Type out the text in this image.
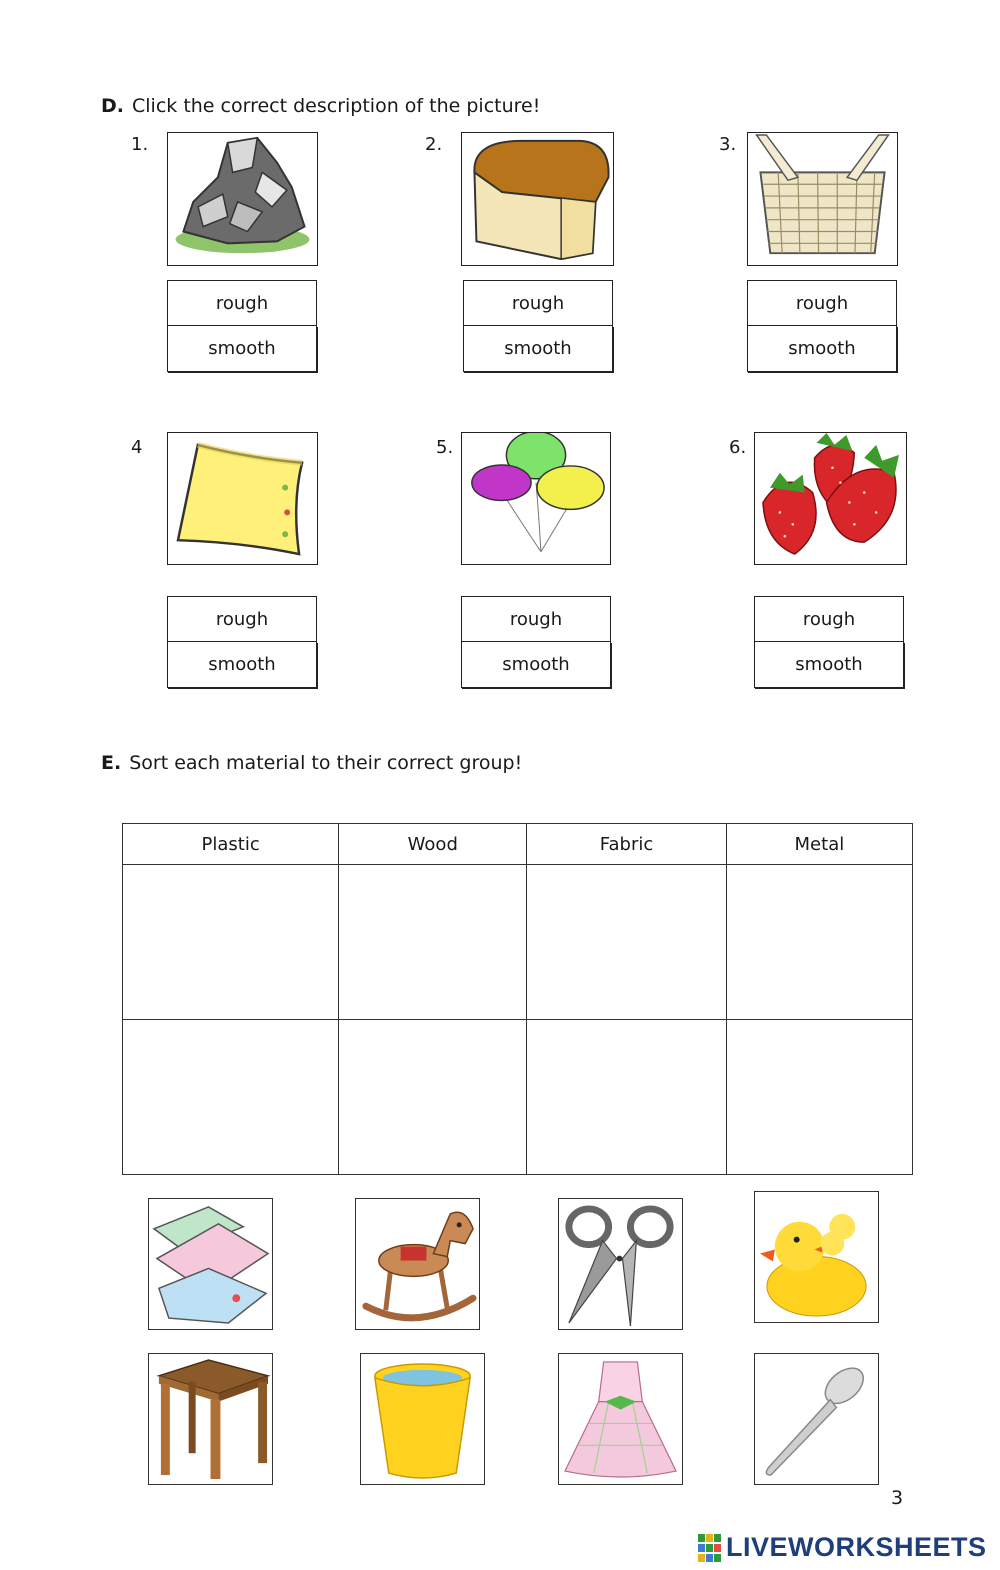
D. Click the correct description of the picture!
1.
rough
smooth
2.
rough
smooth
3.
rough
smooth
4
rough
smooth
5.
rough
smooth
6.
rough
smooth
E. Sort each material to their correct group!
Plastic	Wood	Fabric	Metal

3
LIVEWORKSHEETS
